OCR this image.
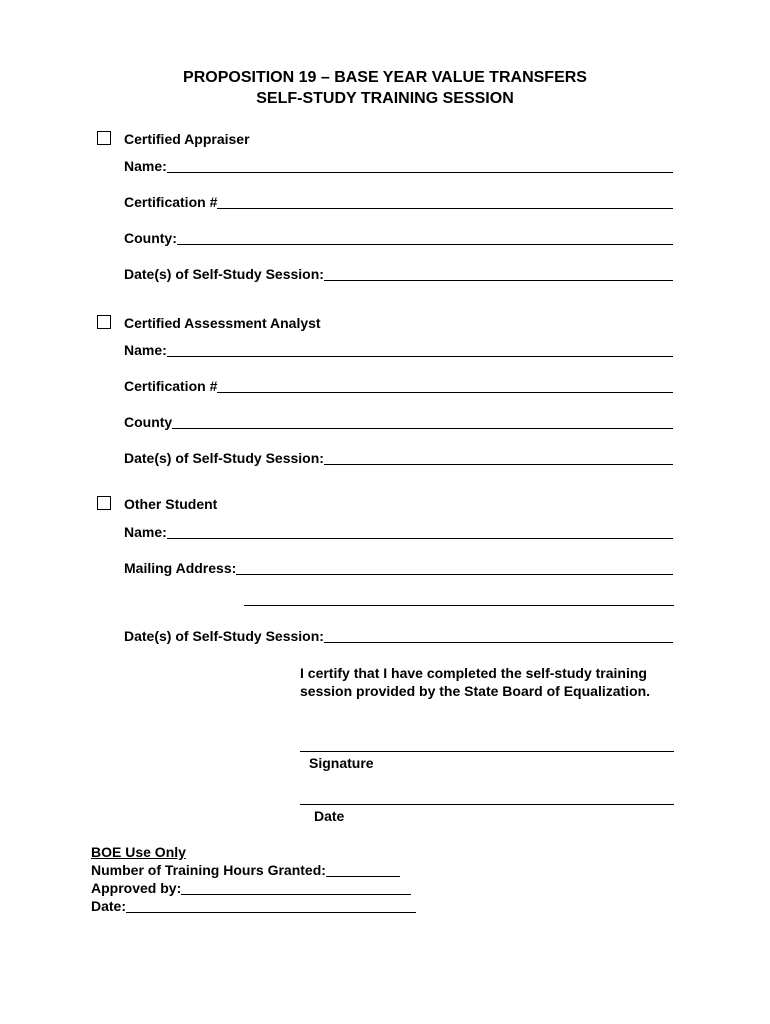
PROPOSITION 19 – BASE YEAR VALUE TRANSFERS
SELF-STUDY TRAINING SESSION
Certified Appraiser
Name:
Certification #
County:
Date(s) of Self-Study Session:
Certified Assessment Analyst
Name:
Certification #
County
Date(s) of Self-Study Session:
Other Student
Name:
Mailing Address:
Date(s) of Self-Study Session:
I certify that I have completed the self-study training session provided by the State Board of Equalization.
Signature
Date
BOE Use Only
Number of Training Hours Granted:
Approved by:
Date:
